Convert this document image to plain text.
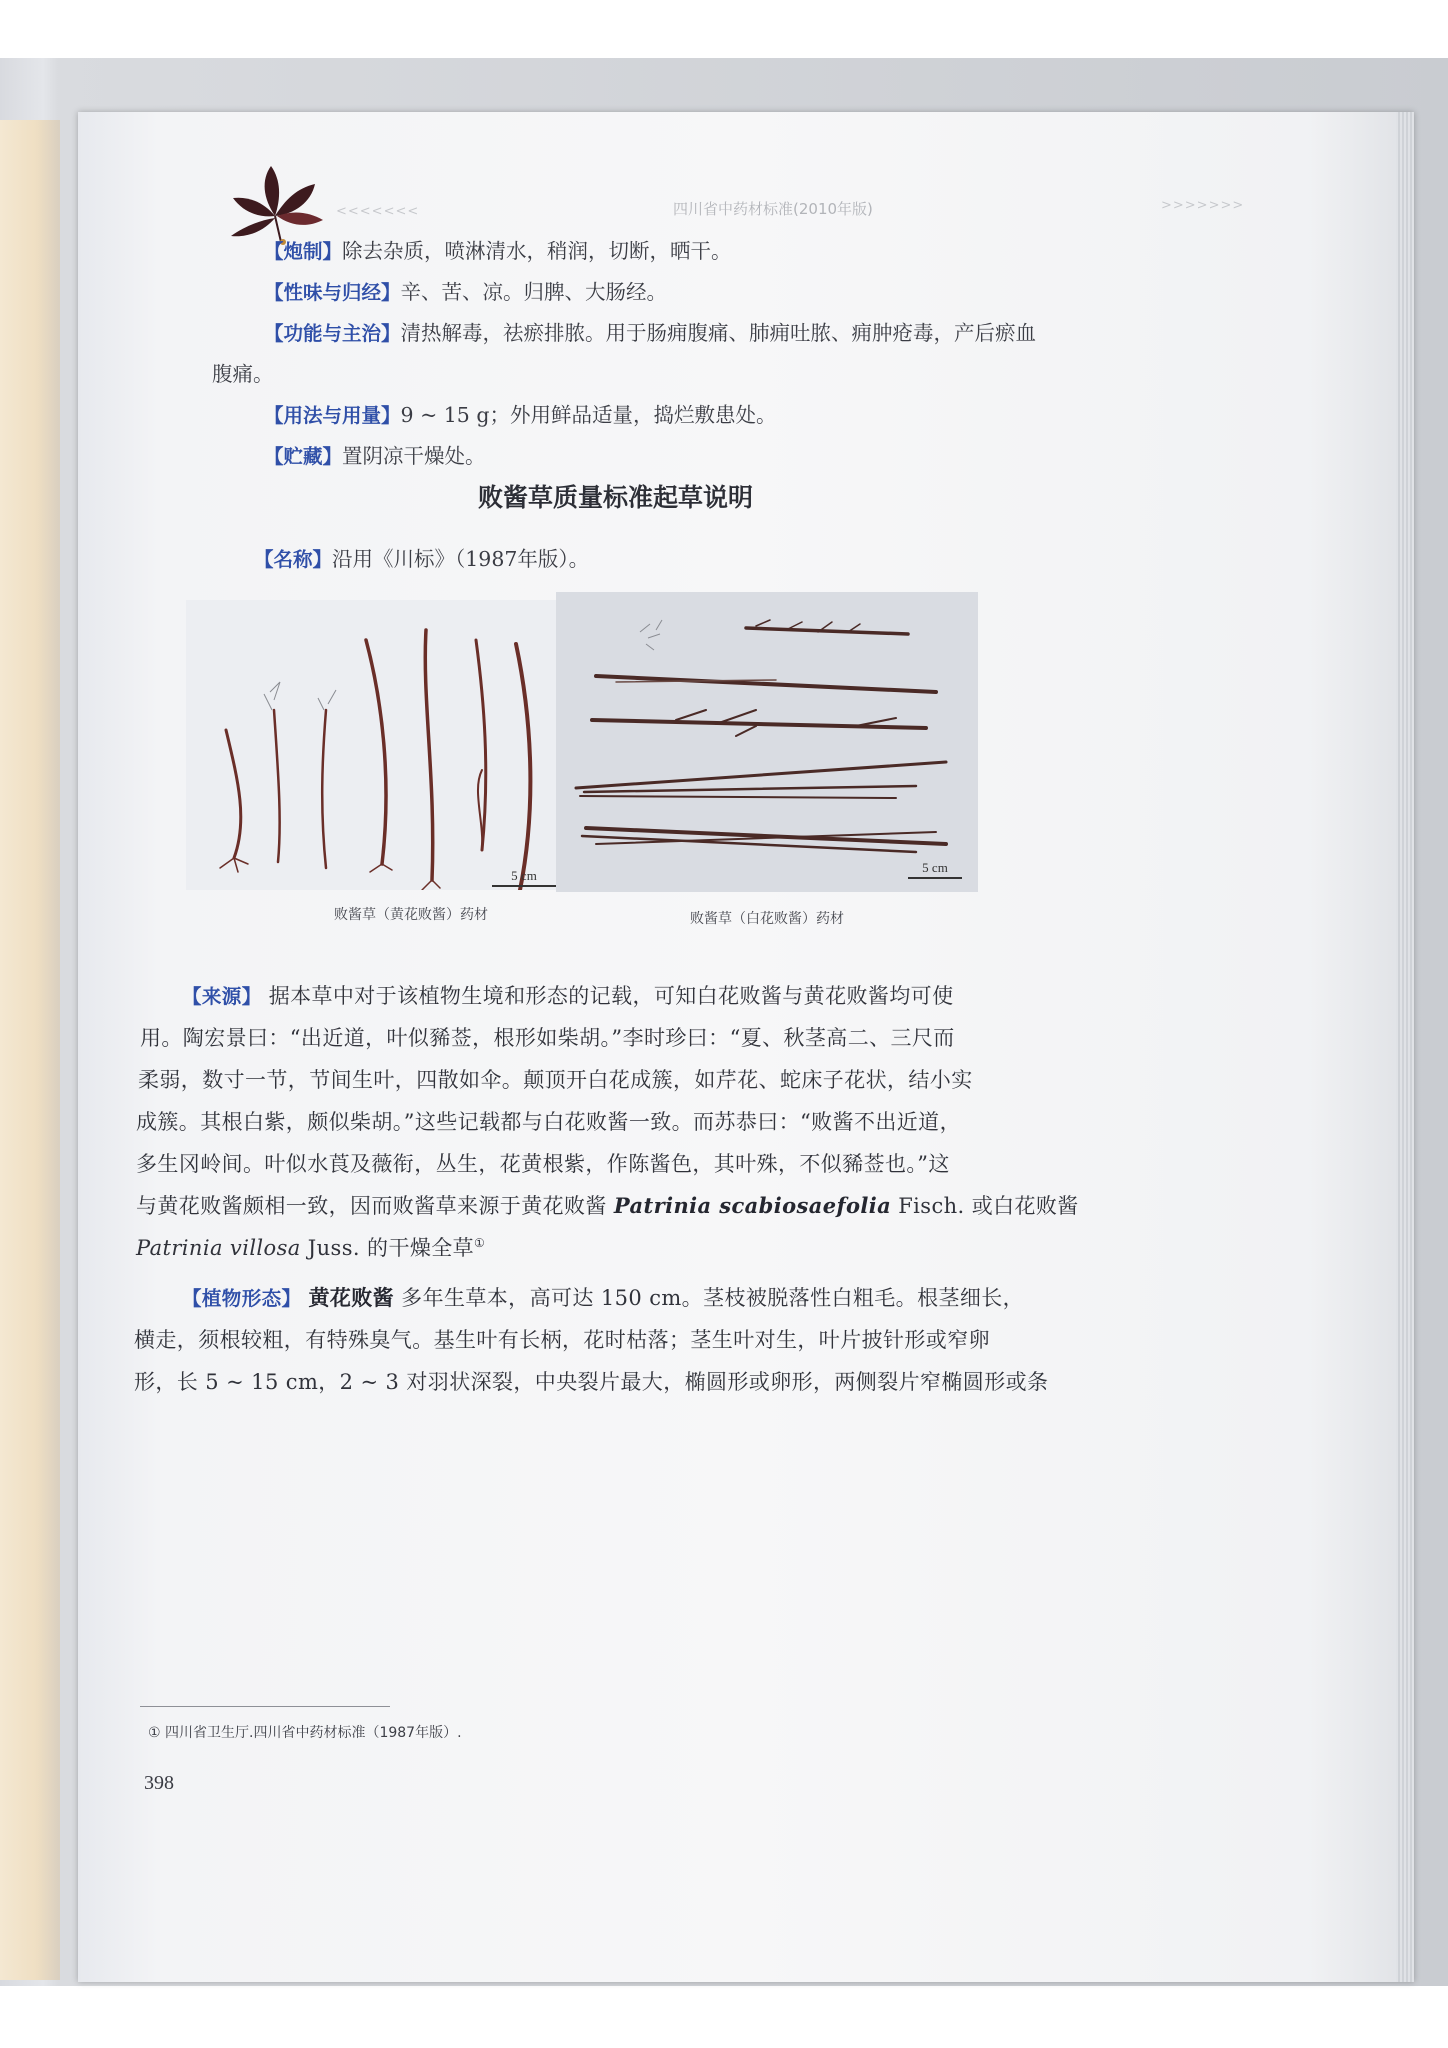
<<<<<<<	四川省中药材标准(2010年版)	>>>>>>>
【炮制】除去杂质，喷淋清水，稍润，切断，晒干。
【性味与归经】辛、苦、凉。归脾、大肠经。
【功能与主治】清热解毒，祛瘀排脓。用于肠痈腹痛、肺痈吐脓、痈肿疮毒，产后瘀血
腹痛。
【用法与用量】9 ~ 15 g；外用鲜品适量，捣烂敷患处。
【贮藏】置阴凉干燥处。
败酱草质量标准起草说明
【名称】沿用《川标》（1987年版）。
5 cm
败酱草（黄花败酱）药材
5 cm
败酱草（白花败酱）药材
【来源】 据本草中对于该植物生境和形态的记载，可知白花败酱与黄花败酱均可使
用。陶宏景曰：“出近道，叶似豨莶，根形如柴胡。”李时珍曰：“夏、秋茎高二、三尺而
柔弱，数寸一节，节间生叶，四散如伞。颠顶开白花成簇，如芹花、蛇床子花状，结小实
成簇。其根白紫，颇似柴胡。”这些记载都与白花败酱一致。而苏恭曰：“败酱不出近道，
多生冈岭间。叶似水莨及薇衔，丛生，花黄根紫，作陈酱色，其叶殊，不似豨莶也。”这
与黄花败酱颇相一致，因而败酱草来源于黄花败酱 Patrinia scabiosaefolia Fisch. 或白花败酱
Patrinia villosa Juss. 的干燥全草①
【植物形态】 黄花败酱 多年生草本，高可达 150 cm。茎枝被脱落性白粗毛。根茎细长，
横走，须根较粗，有特殊臭气。基生叶有长柄，花时枯落；茎生叶对生，叶片披针形或窄卵
形，长 5 ~ 15 cm，2 ~ 3 对羽状深裂，中央裂片最大，椭圆形或卵形，两侧裂片窄椭圆形或条
① 四川省卫生厅.四川省中药材标准（1987年版）.
398
